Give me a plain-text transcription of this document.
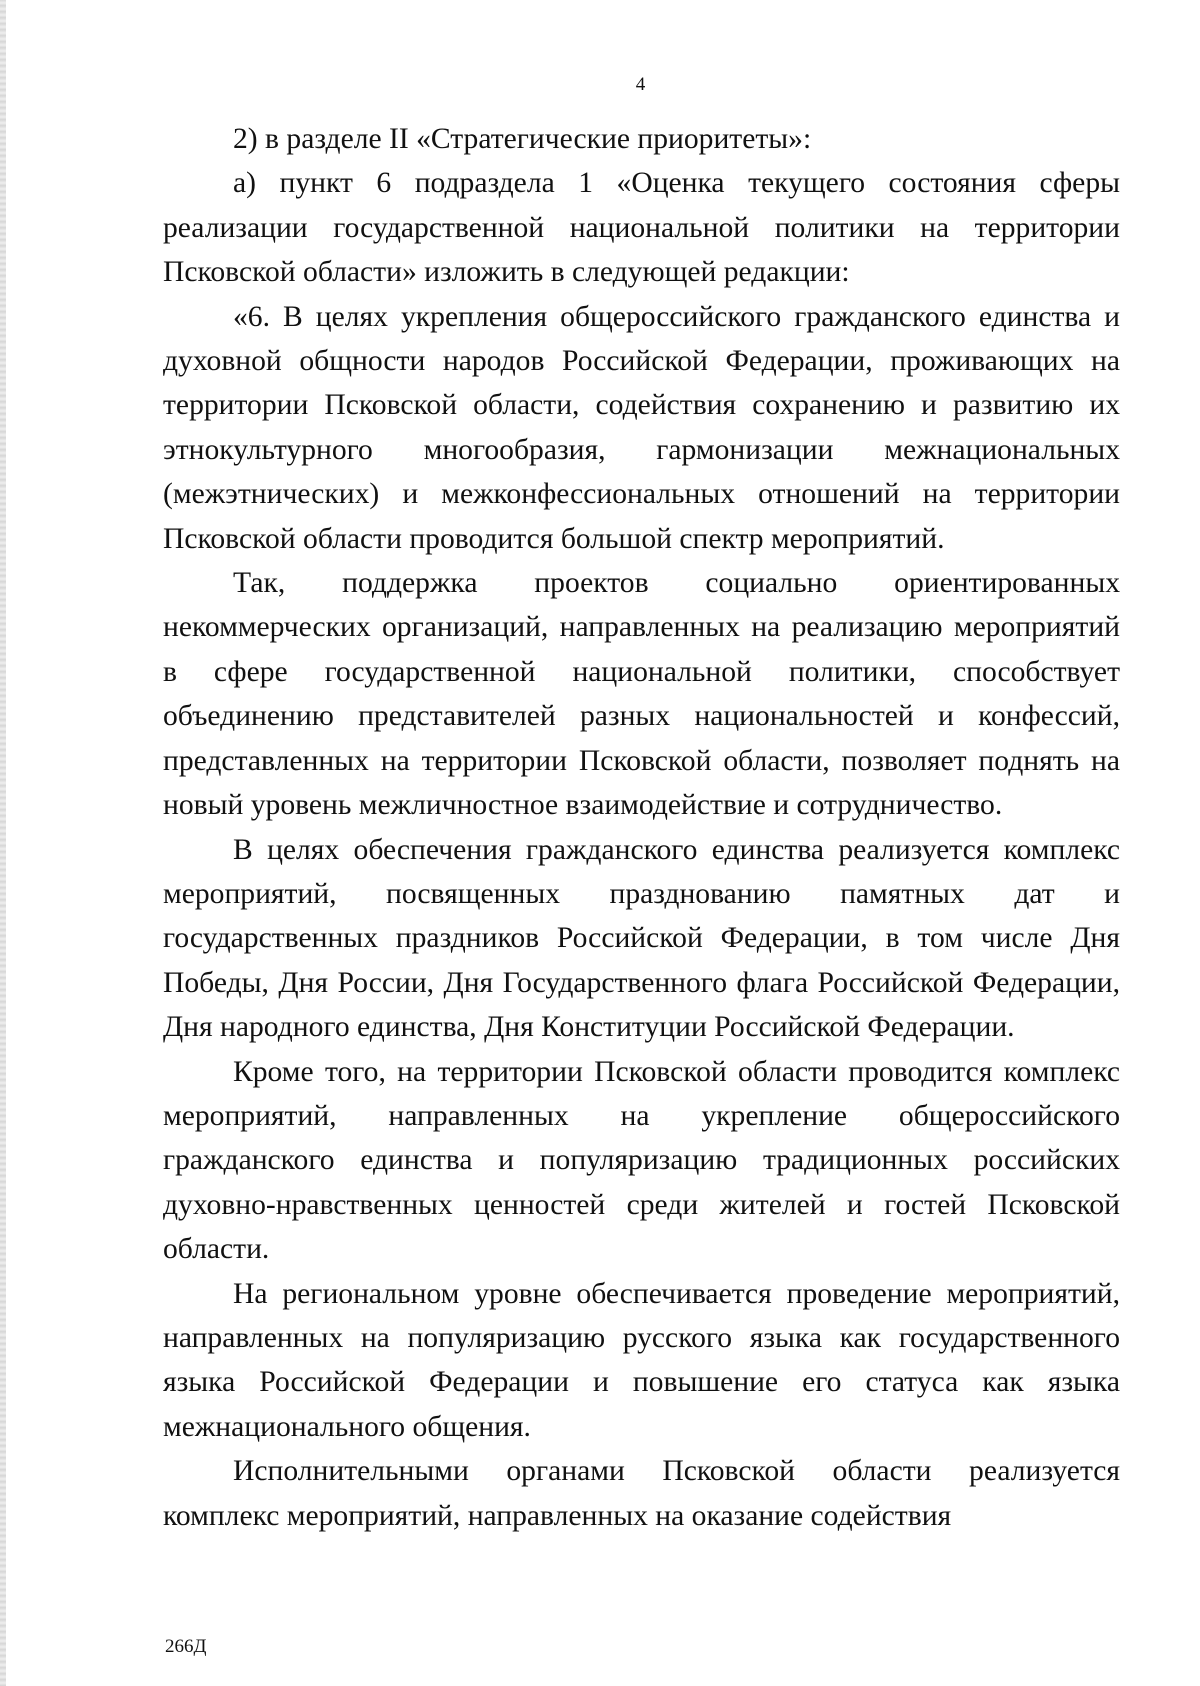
4

2) в разделе II «Стратегические приоритеты»:

а) пункт 6 подраздела 1 «Оценка текущего состояния сферы реализации государственной национальной политики на территории Псковской области» изложить в следующей редакции:

«6. В целях укрепления общероссийского гражданского единства и духовной общности народов Российской Федерации, проживающих на территории Псковской области, содействия сохранению и развитию их этнокультурного многообразия, гармонизации межнациональных (межэтнических) и межконфессиональных отношений на территории Псковской области проводится большой спектр мероприятий.

Так, поддержка проектов социально ориентированных некоммерческих организаций, направленных на реализацию мероприятий в сфере государственной национальной политики, способствует объединению представителей разных национальностей и конфессий, представленных на территории Псковской области, позволяет поднять на новый уровень межличностное взаимодействие и сотрудничество.

В целях обеспечения гражданского единства реализуется комплекс мероприятий, посвященных празднованию памятных дат и государственных праздников Российской Федерации, в том числе Дня Победы, Дня России, Дня Государственного флага Российской Федерации, Дня народного единства, Дня Конституции Российской Федерации.

Кроме того, на территории Псковской области проводится комплекс мероприятий, направленных на укрепление общероссийского гражданского единства и популяризацию традиционных российских духовно-нравственных ценностей среди жителей и гостей Псковской области.

На региональном уровне обеспечивается проведение мероприятий, направленных на популяризацию русского языка как государственного языка Российской Федерации и повышение его статуса как языка межнационального общения.

Исполнительными органами Псковской области реализуется комплекс мероприятий, направленных на оказание содействия

266Д
